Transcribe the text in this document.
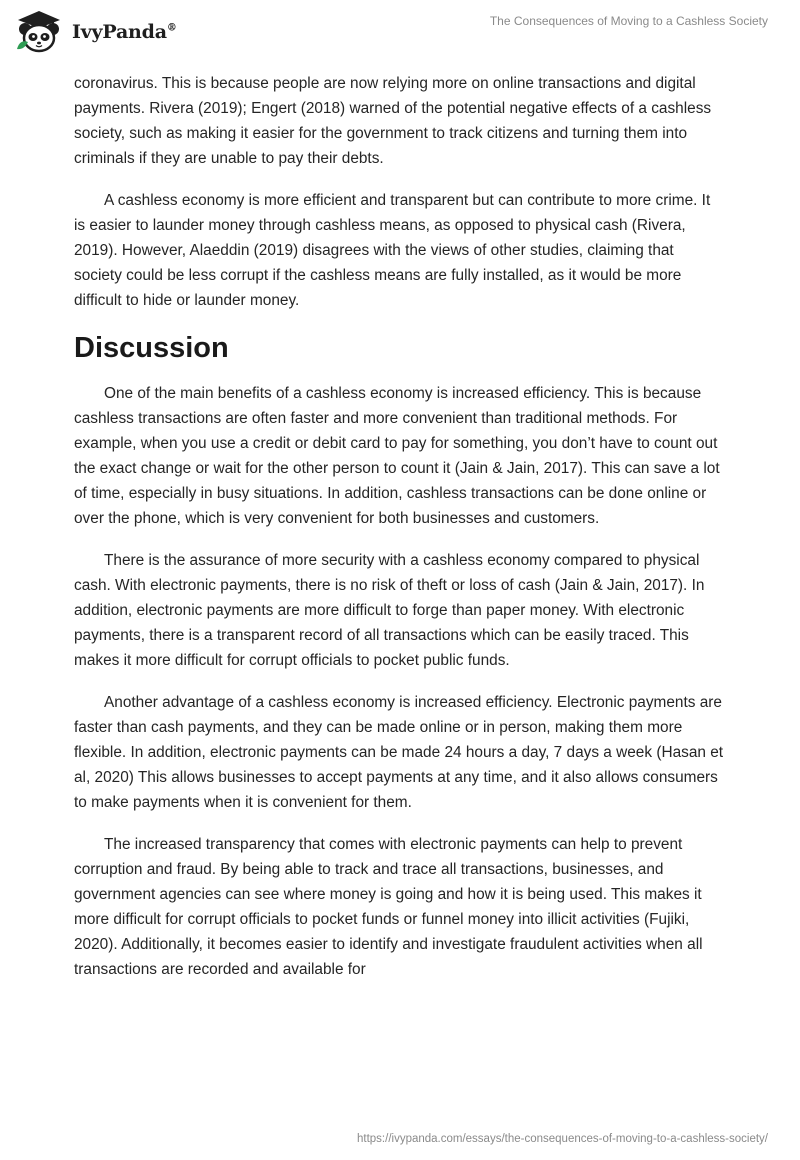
IvyPanda®
The Consequences of Moving to a Cashless Society

coronavirus. This is because people are now relying more on online transactions and digital payments. Rivera (2019); Engert (2018) warned of the potential negative effects of a cashless society, such as making it easier for the government to track citizens and turning them into criminals if they are unable to pay their debts.

A cashless economy is more efficient and transparent but can contribute to more crime. It is easier to launder money through cashless means, as opposed to physical cash (Rivera, 2019). However, Alaeddin (2019) disagrees with the views of other studies, claiming that society could be less corrupt if the cashless means are fully installed, as it would be more difficult to hide or launder money.

Discussion

One of the main benefits of a cashless economy is increased efficiency. This is because cashless transactions are often faster and more convenient than traditional methods. For example, when you use a credit or debit card to pay for something, you don’t have to count out the exact change or wait for the other person to count it (Jain & Jain, 2017). This can save a lot of time, especially in busy situations. In addition, cashless transactions can be done online or over the phone, which is very convenient for both businesses and customers.

There is the assurance of more security with a cashless economy compared to physical cash. With electronic payments, there is no risk of theft or loss of cash (Jain & Jain, 2017). In addition, electronic payments are more difficult to forge than paper money. With electronic payments, there is a transparent record of all transactions which can be easily traced. This makes it more difficult for corrupt officials to pocket public funds.

Another advantage of a cashless economy is increased efficiency. Electronic payments are faster than cash payments, and they can be made online or in person, making them more flexible. In addition, electronic payments can be made 24 hours a day, 7 days a week (Hasan et al, 2020) This allows businesses to accept payments at any time, and it also allows consumers to make payments when it is convenient for them.

The increased transparency that comes with electronic payments can help to prevent corruption and fraud. By being able to track and trace all transactions, businesses, and government agencies can see where money is going and how it is being used. This makes it more difficult for corrupt officials to pocket funds or funnel money into illicit activities (Fujiki, 2020). Additionally, it becomes easier to identify and investigate fraudulent activities when all transactions are recorded and available for

https://ivypanda.com/essays/the-consequences-of-moving-to-a-cashless-society/
